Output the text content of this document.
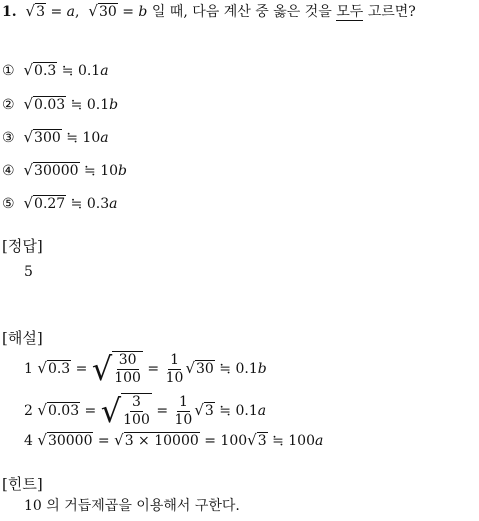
1. √3 = a,  √30 = b 일 때, 다음 계산 중 옳은 것을 모두 고르면?
① √0.3 ≒ 0.1a
② √0.03 ≒ 0.1b
③ √300 ≒ 10a
④ √30000 ≒ 10b
⑤ √0.27 ≒ 0.3a
[정답]
5
[해설]
1 √0.3 = √ $\frac{30}{100} = \frac{1}{10} √30$ ≒ 0.1b
2 √0.03 = √ $\frac{3}{100} = \frac{1}{10} √3$ ≒ 0.1a
4 √30000 = √3 × 10000 = 100√3 ≒ 100a
[힌트]
10 의 거듭제곱을 이용해서 구한다.
